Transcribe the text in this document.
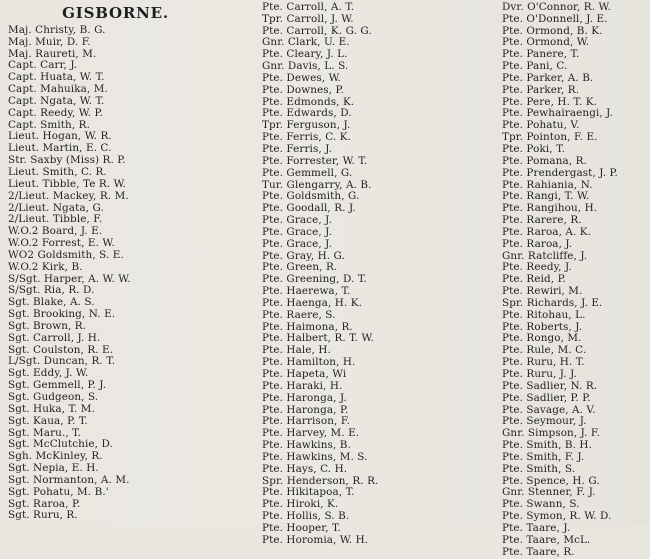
GISBORNE.
Maj. Christy, B. G.
Maj. Muir, D. F.
Maj. Raureti, M.
Capt. Carr, J.
Capt. Huata, W. T.
Capt. Mahuika, M.
Capt. Ngata, W. T.
Capt. Reedy, W. P.
Capt. Smith, R.
Lieut. Hogan, W. R.
Lieut. Martin, E. C.
Str. Saxby (Miss) R. P.
Lieut. Smith, C. R.
Lieut. Tibble, Te R. W.
2/Lieut. Mackey, R. M.
2/Lieut. Ngata, G.
2/Lieut. Tibble, F.
W.O.2 Board, J. E.
W.O.2 Forrest, E. W.
WO2 Goldsmith, S. E.
W.O.2 Kirk, B.
S/Sgt. Harper, A. W. W.
S/Sgt. Ria, R. D.
Sgt. Blake, A. S.
Sgt. Brooking, N. E.
Sgt. Brown, R.
Sgt. Carroll, J. H.
Sgt. Coulston, R. E.
L/Sgt. Duncan, R. T.
Sgt. Eddy, J. W.
Sgt. Gemmell, P. J.
Sgt. Gudgeon, S.
Sgt. Huka, T. M.
Sgt. Kaua, P. T.
Sgt. Maru., T.
Sgt. McClutchie, D.
Sgh. McKinley, R.
Sgt. Nepia, E. H.
Sgt. Normanton, A. M.
Sgt. Pohatu, M. B.'
Sgt. Raroa, P.
Sgt. Ruru, R.
Pte. Carroll, A. T.
Tpr. Carroll, J. W.
Pte. Carroll, K. G. G.
Gnr. Clark, U. E.
Pte. Cleary, J. L.
Gnr. Davis, L. S.
Pte. Dewes, W.
Pte. Downes, P.
Pte. Edmonds, K.
Pte. Edwards, D.
Tpr. Ferguson, J.
Pte. Ferris, C. K.
Pte. Ferris, J.
Pte. Forrester, W. T.
Pte. Gemmell, G.
Tur. Glengarry, A. B.
Pte. Goldsmith, G.
Pte. Goodall, R. J.
Pte. Grace, J.
Pte. Grace, J.
Pte. Grace, J.
Pte. Gray, H. G.
Pte. Green, R.
Pte. Greening, D. T.
Pte. Haerewa, T.
Pte. Haenga, H. K.
Pte. Raere, S.
Pte. Haimona, R.
Pte. Halbert, R. T. W.
Pte. Hale, H.
Pte. Hamilton, H.
Pte. Hapeta, Wi
Pte. Haraki, H.
Pte. Haronga, J.
Pte. Haronga, P.
Pte. Harrison, F.
Pte. Harvey, M. E.
Pte. Hawkins, B.
Pte. Hawkins, M. S.
Pte. Hays, C. H.
Spr. Henderson, R. R.
Pte. Hikitapoa, T.
Pte. Hiroki, K.
Pte. Hollis, S. B.
Pte. Hooper, T.
Pte. Horomia, W. H.
Dvr. O'Connor, R. W.
Pte. O'Donnell, J. E.
Pte. Ormond, B. K.
Pte. Ormond, W.
Pte. Panere, T.
Pte. Pani, C.
Pte. Parker, A. B.
Pte. Parker, R.
Pte. Pere, H. T. K.
Pte. Pewhairaengi, J.
Pte. Pohatu, V.
Tpr. Pointon, F. E.
Pte. Poki, T.
Pte. Pomana, R.
Pte. Prendergast, J. P.
Pte. Rahiania, N.
Pte. Rangi, T. W.
Pte. Rangihou, H.
Pte. Rarere, R.
Pte. Raroa, A. K.
Pte. Raroa, J.
Gnr. Ratcliffe, J.
Pte. Reedy, J.
Pte. Reid, P.
Pte. Rewiri, M.
Spr. Richards, J. E.
Pte. Ritohau, L.
Pte. Roberts, J.
Pte. Rongo, M.
Pte. Rule, M. C.
Pte. Ruru, H. T.
Pte. Ruru, J. J.
Pte. Sadlier, N. R.
Pte. Sadlier, P. P.
Pte. Savage, A. V.
Pte. Seymour, J.
Gnr. Simpson, J. F.
Pte. Smith, B. H.
Pte. Smith, F. J.
Pte. Smith, S.
Pte. Spence, H. G.
Gnr. Stenner, F. J.
Pte. Swann, S.
Pte. Symon, R. W. D.
Pte. Taare, J.
Pte. Taare, McL.
Pte. Taare, R.
